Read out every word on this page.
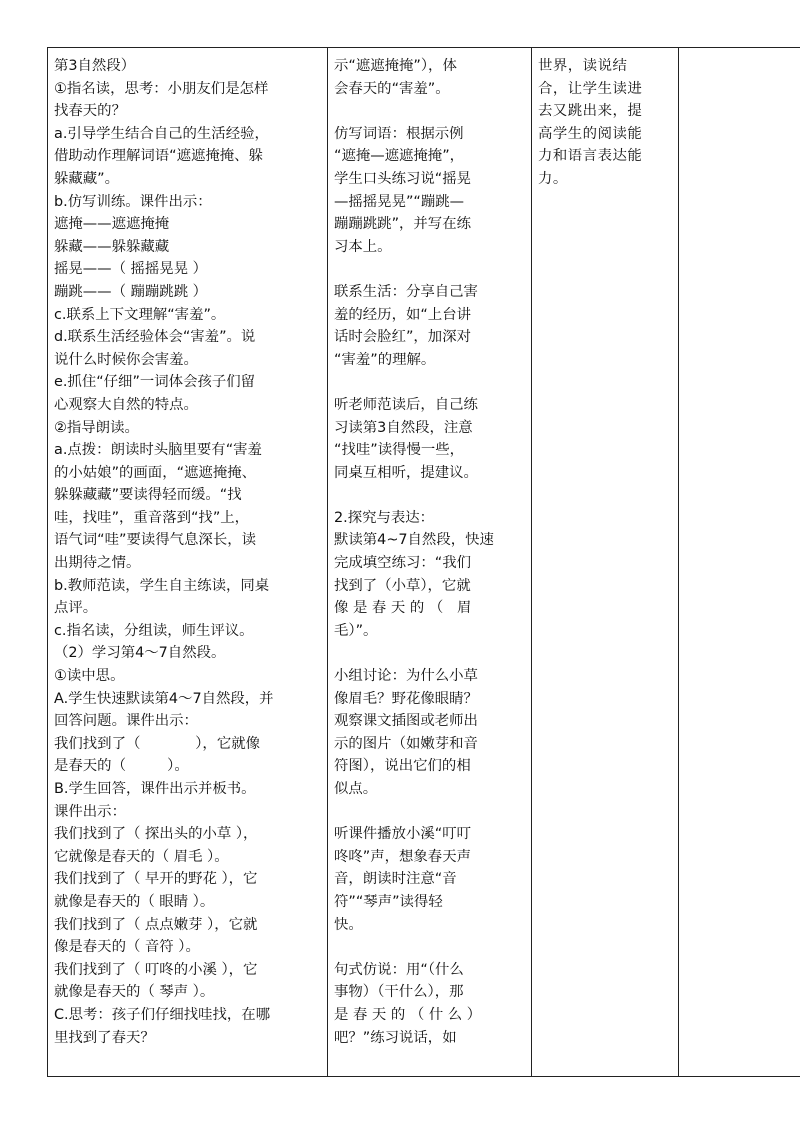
第3自然段）
①指名读，思考：小朋友们是怎样
找春天的？
a.引导学生结合自己的生活经验，
借助动作理解词语“遮遮掩掩、躲
躲藏藏”。
b.仿写训练。课件出示：
遮掩——遮遮掩掩
躲藏——躲躲藏藏
摇晃——（ 摇摇晃晃 ）
蹦跳——（ 蹦蹦跳跳 ）
c.联系上下文理解“害羞”。
d.联系生活经验体会“害羞”。说
说什么时候你会害羞。
e.抓住“仔细”一词体会孩子们留
心观察大自然的特点。
②指导朗读。
a.点拨：朗读时头脑里要有“害羞
的小姑娘”的画面，“遮遮掩掩、
躲躲藏藏”要读得轻而缓。“找
哇，找哇”，重音落到“找”上，
语气词“哇”要读得气息深长，读
出期待之情。
b.教师范读，学生自主练读，同桌
点评。
c.指名读，分组读，师生评议。
（2）学习第4～7自然段。
①读中思。
A.学生快速默读第4～7自然段，并
回答问题。课件出示：
我们找到了（            ），它就像
是春天的（         ）。
B.学生回答，课件出示并板书。
课件出示：
我们找到了（ 探出头的小草 ），
它就像是春天的（ 眉毛 ）。
我们找到了（ 早开的野花 ），它
就像是春天的（ 眼睛 ）。
我们找到了（ 点点嫩芽 ），它就
像是春天的（ 音符 ）。
我们找到了（ 叮咚的小溪 ），它
就像是春天的（ 琴声 ）。
C.思考：孩子们仔细找哇找，在哪
里找到了春天？

示“遮遮掩掩”），体
会春天的“害羞”。
仿写词语：根据示例
“遮掩—遮遮掩掩”，
学生口头练习说“摇晃
—摇摇晃晃”“蹦跳—
蹦蹦跳跳”，并写在练
习本上。
联系生活：分享自己害
羞的经历，如“上台讲
话时会脸红”，加深对
“害羞”的理解。
听老师范读后，自己练
习读第3自然段，注意
“找哇”读得慢一些，
同桌互相听，提建议。
2.探究与表达：
默读第4~7自然段，快速
完成填空练习：“我们
找到了（小草），它就
像 是 春 天 的 （   眉
毛）”。
小组讨论：为什么小草
像眉毛？野花像眼睛？
观察课文插图或老师出
示的图片（如嫩芽和音
符图），说出它们的相
似点。
听课件播放小溪“叮叮
咚咚”声，想象春天声
音，朗读时注意“音
符”“琴声”读得轻
快。
句式仿说：用“（什么
事物）（干什么），那
是 春 天 的 （ 什 么 ）
吧？”练习说话，如

世界，读说结
合，让学生读进
去又跳出来，提
高学生的阅读能
力和语言表达能
力。
